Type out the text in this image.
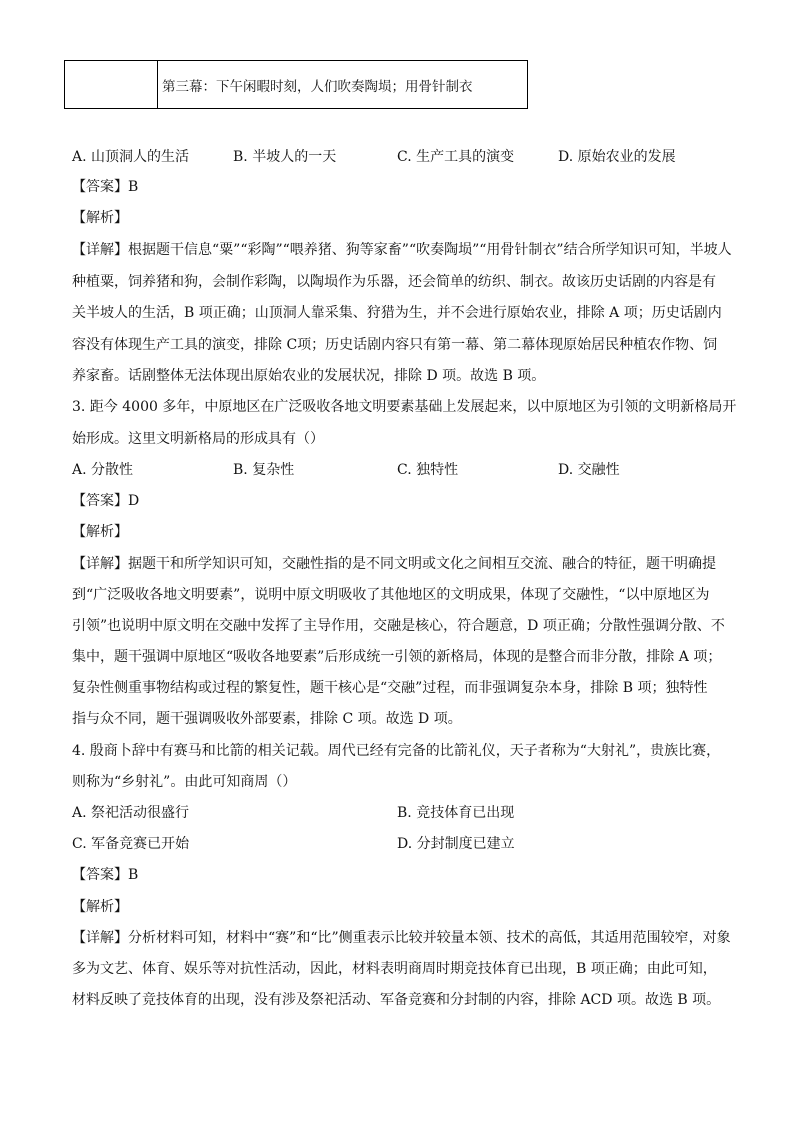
第三幕：下午闲暇时刻，人们吹奏陶埙；用骨针制衣
A. 山顶洞人的生活	B. 半坡人的一天	C. 生产工具的演变	D. 原始农业的发展
【答案】B
【解析】
【详解】根据题干信息“粟”“彩陶”“喂养猪、狗等家畜”“吹奏陶埙”“用骨针制衣”结合所学知识可知，半坡人
种植粟，饲养猪和狗，会制作彩陶，以陶埙作为乐器，还会简单的纺织、制衣。故该历史话剧的内容是有
关半坡人的生活，B 项正确；山顶洞人靠采集、狩猎为生，并不会进行原始农业，排除 A 项；历史话剧内
容没有体现生产工具的演变，排除 C项；历史话剧内容只有第一幕、第二幕体现原始居民种植农作物、饲
养家畜。话剧整体无法体现出原始农业的发展状况，排除 D 项。故选 B 项。
3. 距今 4000 多年，中原地区在广泛吸收各地文明要素基础上发展起来，以中原地区为引领的文明新格局开
始形成。这里文明新格局的形成具有（）
A. 分散性	B. 复杂性	C. 独特性	D. 交融性
【答案】D
【解析】
【详解】据题干和所学知识可知，交融性指的是不同文明或文化之间相互交流、融合的特征，题干明确提
到“广泛吸收各地文明要素”，说明中原文明吸收了其他地区的文明成果，体现了交融性，“以中原地区为
引领”也说明中原文明在交融中发挥了主导作用，交融是核心，符合题意，D 项正确；分散性强调分散、不
集中，题干强调中原地区“吸收各地要素”后形成统一引领的新格局，体现的是整合而非分散，排除 A 项；
复杂性侧重事物结构或过程的繁复性，题干核心是“交融”过程，而非强调复杂本身，排除 B 项；独特性
指与众不同，题干强调吸收外部要素，排除 C 项。故选 D 项。
4. 殷商卜辞中有赛马和比箭的相关记载。周代已经有完备的比箭礼仪，天子者称为“大射礼”，贵族比赛，
则称为“乡射礼”。由此可知商周（）
A. 祭祀活动很盛行	B. 竞技体育已出现
C. 军备竞赛已开始	D. 分封制度已建立
【答案】B
【解析】
【详解】分析材料可知，材料中“赛”和“比”侧重表示比较并较量本领、技术的高低，其适用范围较窄，对象
多为文艺、体育、娱乐等对抗性活动，因此，材料表明商周时期竞技体育已出现，B 项正确；由此可知，
材料反映了竞技体育的出现，没有涉及祭祀活动、军备竞赛和分封制的内容，排除 ACD 项。故选 B 项。
